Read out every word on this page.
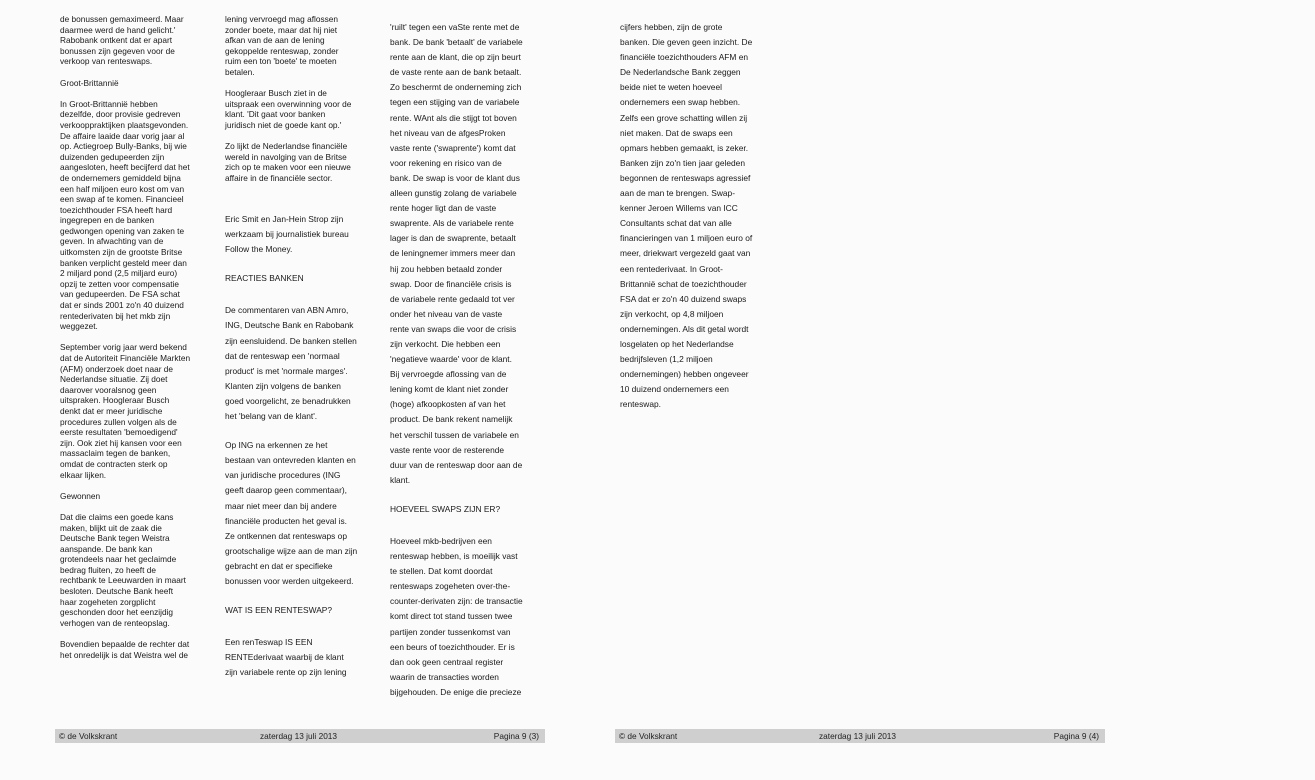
de bonussen gemaximeerd. Maar
daarmee werd de hand gelicht.'
Rabobank ontkent dat er apart
bonussen zijn gegeven voor de
verkoop van renteswaps.

Groot-Brittannië

In Groot-Brittannië hebben
dezelfde, door provisie gedreven
verkooppraktijken plaatsgevonden.
De affaire laaide daar vorig jaar al
op. Actiegroep Bully-Banks, bij wie
duizenden gedupeerden zijn
aangesloten, heeft becijferd dat het
de ondernemers gemiddeld bijna
een half miljoen euro kost om van
een swap af te komen. Financieel
toezichthouder FSA heeft hard
ingegrepen en de banken
gedwongen opening van zaken te
geven. In afwachting van de
uitkomsten zijn de grootste Britse
banken verplicht gesteld meer dan
2 miljard pond (2,5 miljard euro)
opzij te zetten voor compensatie
van gedupeerden. De FSA schat
dat er sinds 2001 zo'n 40 duizend
rentederivaten bij het mkb zijn
weggezet.

September vorig jaar werd bekend
dat de Autoriteit Financiële Markten
(AFM) onderzoek doet naar de
Nederlandse situatie. Zij doet
daarover vooralsnog geen
uitspraken. Hoogleraar Busch
denkt dat er meer juridische
procedures zullen volgen als de
eerste resultaten 'bemoedigend'
zijn. Ook ziet hij kansen voor een
massaclaim tegen de banken,
omdat de contracten sterk op
elkaar lijken.

Gewonnen

Dat die claims een goede kans
maken, blijkt uit de zaak die
Deutsche Bank tegen Weistra
aanspande. De bank kan
grotendeels naar het geclaimde
bedrag fluiten, zo heeft de
rechtbank te Leeuwarden in maart
besloten. Deutsche Bank heeft
haar zogeheten zorgplicht
geschonden door het eenzijdig
verhogen van de renteopslag.

Bovendien bepaalde de rechter dat
het onredelijk is dat Weistra wel de

lening vervroegd mag aflossen
zonder boete, maar dat hij niet
afkan van de aan de lening
gekoppelde renteswap, zonder
ruim een ton 'boete' te moeten
betalen.

Hoogleraar Busch ziet in de
uitspraak een overwinning voor de
klant. 'Dit gaat voor banken
juridisch niet de goede kant op.'

Zo lijkt de Nederlandse financiële
wereld in navolging van de Britse
zich op te maken voor een nieuwe
affaire in de financiële sector.

Eric Smit en Jan-Hein Strop zijn
werkzaam bij journalistiek bureau
Follow the Money.

REACTIES BANKEN

De commentaren van ABN Amro,
ING, Deutsche Bank en Rabobank
zijn eensluidend. De banken stellen
dat de renteswap een 'normaal
product' is met 'normale marges'.
Klanten zijn volgens de banken
goed voorgelicht, ze benadrukken
het 'belang van de klant'.

Op ING na erkennen ze het
bestaan van ontevreden klanten en
van juridische procedures (ING
geeft daarop geen commentaar),
maar niet meer dan bij andere
financiële producten het geval is.
Ze ontkennen dat renteswaps op
grootschalige wijze aan de man zijn
gebracht en dat er specifieke
bonussen voor werden uitgekeerd.

WAT IS EEN RENTESWAP?

Een renTeswap IS EEN
RENTEderivaat waarbij de klant
zijn variabele rente op zijn lening

'ruilt' tegen een vaSte rente met de
bank. De bank 'betaalt' de variabele
rente aan de klant, die op zijn beurt
de vaste rente aan de bank betaalt.
Zo beschermt de onderneming zich
tegen een stijging van de variabele
rente. WAnt als die stijgt tot boven
het niveau van de afgesProken
vaste rente ('swaprente') komt dat
voor rekening en risico van de
bank. De swap is voor de klant dus
alleen gunstig zolang de variabele
rente hoger ligt dan de vaste
swaprente. Als de variabele rente
lager is dan de swaprente, betaalt
de leningnemer immers meer dan
hij zou hebben betaald zonder
swap. Door de financiële crisis is
de variabele rente gedaald tot ver
onder het niveau van de vaste
rente van swaps die voor de crisis
zijn verkocht. Die hebben een
'negatieve waarde' voor de klant.
Bij vervroegde aflossing van de
lening komt de klant niet zonder
(hoge) afkoopkosten af van het
product. De bank rekent namelijk
het verschil tussen de variabele en
vaste rente voor de resterende
duur van de renteswap door aan de
klant.

HOEVEEL SWAPS ZIJN ER?

Hoeveel mkb-bedrijven een
renteswap hebben, is moeilijk vast
te stellen. Dat komt doordat
renteswaps zogeheten over-the-
counter-derivaten zijn: de transactie
komt direct tot stand tussen twee
partijen zonder tussenkomst van
een beurs of toezichthouder. Er is
dan ook geen centraal register
waarin de transacties worden
bijgehouden. De enige die precieze

© de Volkskrant	zaterdag 13 juli 2013	Pagina 9 (3)

cijfers hebben, zijn de grote
banken. Die geven geen inzicht. De
financiële toezichthouders AFM en
De Nederlandsche Bank zeggen
beide niet te weten hoeveel
ondernemers een swap hebben.
Zelfs een grove schatting willen zij
niet maken. Dat de swaps een
opmars hebben gemaakt, is zeker.
Banken zijn zo'n tien jaar geleden
begonnen de renteswaps agressief
aan de man te brengen. Swap-
kenner Jeroen Willems van ICC
Consultants schat dat van alle
financieringen van 1 miljoen euro of
meer, driekwart vergezeld gaat van
een rentederivaat. In Groot-
Brittannië schat de toezichthouder
FSA dat er zo'n 40 duizend swaps
zijn verkocht, op 4,8 miljoen
ondernemingen. Als dit getal wordt
losgelaten op het Nederlandse
bedrijfsleven (1,2 miljoen
ondernemingen) hebben ongeveer
10 duizend ondernemers een
renteswap.

© de Volkskrant	zaterdag 13 juli 2013	Pagina 9 (4)
